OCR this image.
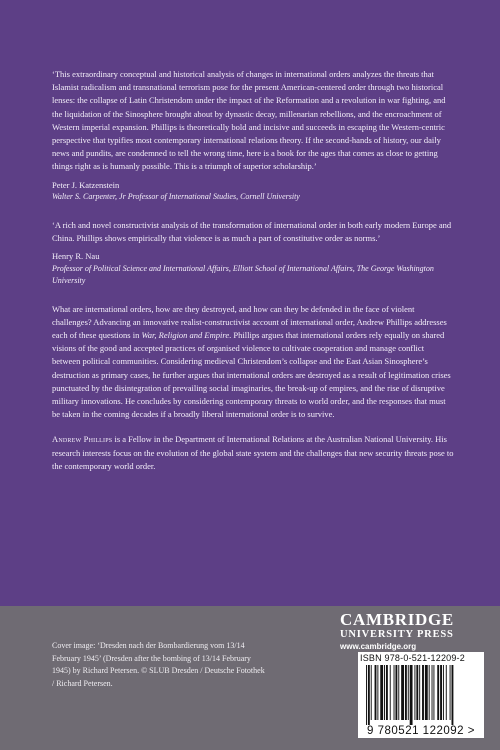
‘This extraordinary conceptual and historical analysis of changes in international orders analyzes the threats that Islamist radicalism and transnational terrorism pose for the present American-centered order through two historical lenses: the collapse of Latin Christendom under the impact of the Reformation and a revolution in war fighting, and the liquidation of the Sinosphere brought about by dynastic decay, millenarian rebellions, and the encroachment of Western imperial expansion. Phillips is theoretically bold and incisive and succeeds in escaping the Western-centric perspective that typifies most contemporary international relations theory. If the second-hands of history, our daily news and pundits, are condemned to tell the wrong time, here is a book for the ages that comes as close to getting things right as is humanly possible. This is a triumph of superior scholarship.’

Peter J. Katzenstein

Walter S. Carpenter, Jr Professor of International Studies, Cornell University

‘A rich and novel constructivist analysis of the transformation of international order in both early modern Europe and China. Phillips shows empirically that violence is as much a part of constitutive order as norms.’

Henry R. Nau

Professor of Political Science and International Affairs, Elliott School of International Affairs, The George Washington University

What are international orders, how are they destroyed, and how can they be defended in the face of violent challenges? Advancing an innovative realist-constructivist account of international order, Andrew Phillips addresses each of these questions in War, Religion and Empire. Phillips argues that international orders rely equally on shared visions of the good and accepted practices of organised violence to cultivate cooperation and manage conflict between political communities. Considering medieval Christendom’s collapse and the East Asian Sinosphere’s destruction as primary cases, he further argues that international orders are destroyed as a result of legitimation crises punctuated by the disintegration of prevailing social imaginaries, the break-up of empires, and the rise of disruptive military innovations. He concludes by considering contemporary threats to world order, and the responses that must be taken in the coming decades if a broadly liberal international order is to survive.

Andrew Phillips is a Fellow in the Department of International Relations at the Australian National University. His research interests focus on the evolution of the global state system and the challenges that new security threats pose to the contemporary world order.

Cover image: ‘Dresden nach der Bombardierung vom 13/14 February 1945’ (Dresden after the bombing of 13/14 February 1945) by Richard Petersen. © SLUB Dresden / Deutsche Fotothek / Richard Petersen.
CAMBRIDGE
UNIVERSITY PRESS
www.cambridge.org
ISBN 978-0-521-12209-2
9 780521 122092 >
